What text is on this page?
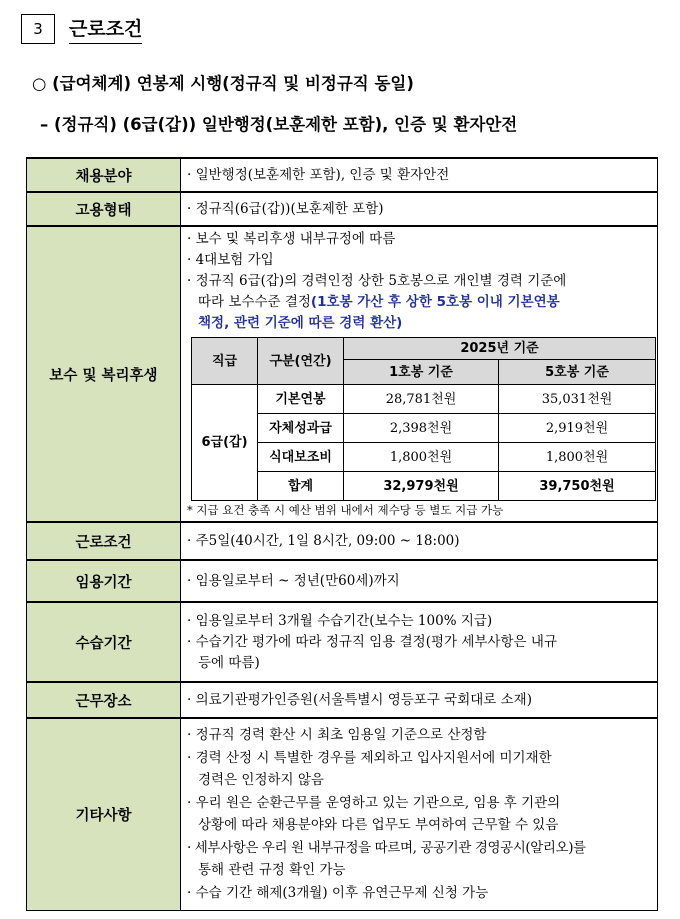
3	근로조건
○ (급여체계) 연봉제 시행(정규직 및 비정규직 동일)
– (정규직) (6급(갑)) 일반행정(보훈제한 포함), 인증 및 환자안전
채용분야	· 일반행정(보훈제한 포함), 인증 및 환자안전
고용형태	· 정규직(6급(갑))(보훈제한 포함)
보수 및 복리후생	
· 보수 및 복리후생 내부규정에 따름
· 4대보험 가입
· 정규직 6급(갑)의 경력인정 상한 5호봉으로 개인별 경력 기준에
따라 보수수준 결정(1호봉 가산 후 상한 5호봉 이내 기본연봉
책정, 관련 기준에 따른 경력 환산)
직급	구분(연간)	2025년 기준
1호봉 기준	5호봉 기준
6급(갑)	기본연봉	28,781천원	35,031천원
자체성과급	2,398천원	2,919천원
식대보조비	1,800천원	1,800천원
합계	32,979천원	39,750천원
* 지급 요건 충족 시 예산 범위 내에서 제수당 등 별도 지급 가능

근로조건	· 주5일(40시간, 1일 8시간, 09:00 ~ 18:00)
임용기간	· 임용일로부터 ~ 정년(만60세)까지
수습기간	
· 임용일로부터 3개월 수습기간(보수는 100% 지급)
· 수습기간 평가에 따라 정규직 임용 결정(평가 세부사항은 내규
등에 따름)

근무장소	· 의료기관평가인증원(서울특별시 영등포구 국회대로 소재)
기타사항	
· 정규직 경력 환산 시 최초 임용일 기준으로 산정함
· 경력 산정 시 특별한 경우를 제외하고 입사지원서에 미기재한
경력은 인정하지 않음
· 우리 원은 순환근무를 운영하고 있는 기관으로, 임용 후 기관의
상황에 따라 채용분야와 다른 업무도 부여하여 근무할 수 있음
· 세부사항은 우리 원 내부규정을 따르며, 공공기관 경영공시(알리오)를
통해 관련 규정 확인 가능
· 수습 기간 해제(3개월) 이후 유연근무제 신청 가능
